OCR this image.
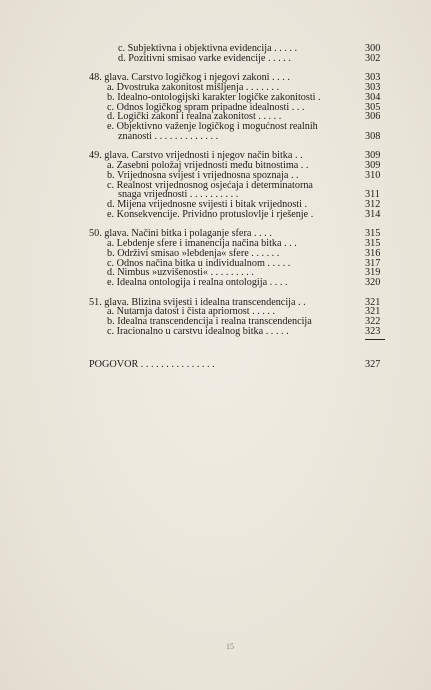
c. Subjektivna i objektivna evidencija . . . . .	300
d. Pozitivni smisao varke evidencije . . . . .	302
48. glava. Carstvo logičkog i njegovi zakoni . . . .	303
a. Dvostruka zakonitost mišljenja . . . . . . .	303
b. Idealno-ontologijski karakter logičke zakonitosti .	304
c. Odnos logičkog spram pripadne idealnosti . . .	305
d. Logički zakoni i realna zakonitost . . . . .	306
e. Objektivno važenje logičkog i mogućnost realnih
znanosti . . . . . . . . . . . . .	308
49. glava. Carstvo vrijednosti i njegov način bitka . .	309
a. Zasebni položaj vrijednosti među bitnostima . .	309
b. Vrijednosna svijest i vrijednosna spoznaja . .	310
c. Realnost vrijednosnog osjećaja i determinatorna
snaga vrijednosti . . . . . . . . . .	311
d. Mijena vrijednosne svijesti i bitak vrijednosti .	312
e. Konsekvencije. Prividno protuslovlje i rješenje .	314
50. glava. Načini bitka i polaganje sfera . . . .	315
a. Lebdenje sfere i imanencija načina bitka . . .	315
b. Održivi smisao »lebdenja« sfere . . . . . .	316
c. Odnos načina bitka u individualnom . . . . .	317
d. Nimbus »uzvišenosti« . . . . . . . . .	319
e. Idealna ontologija i realna ontologija . . . .	320
51. glava. Blizina svijesti i idealna transcendencija . .	321
a. Nutarnja datost i čista apriornost . . . . .	321
b. Idealna transcendencija i realna transcendencija	322
c. Iracionalno u carstvu idealnog bitka . . . . .	323
POGOVOR . . . . . . . . . . . . . . .	327
15
